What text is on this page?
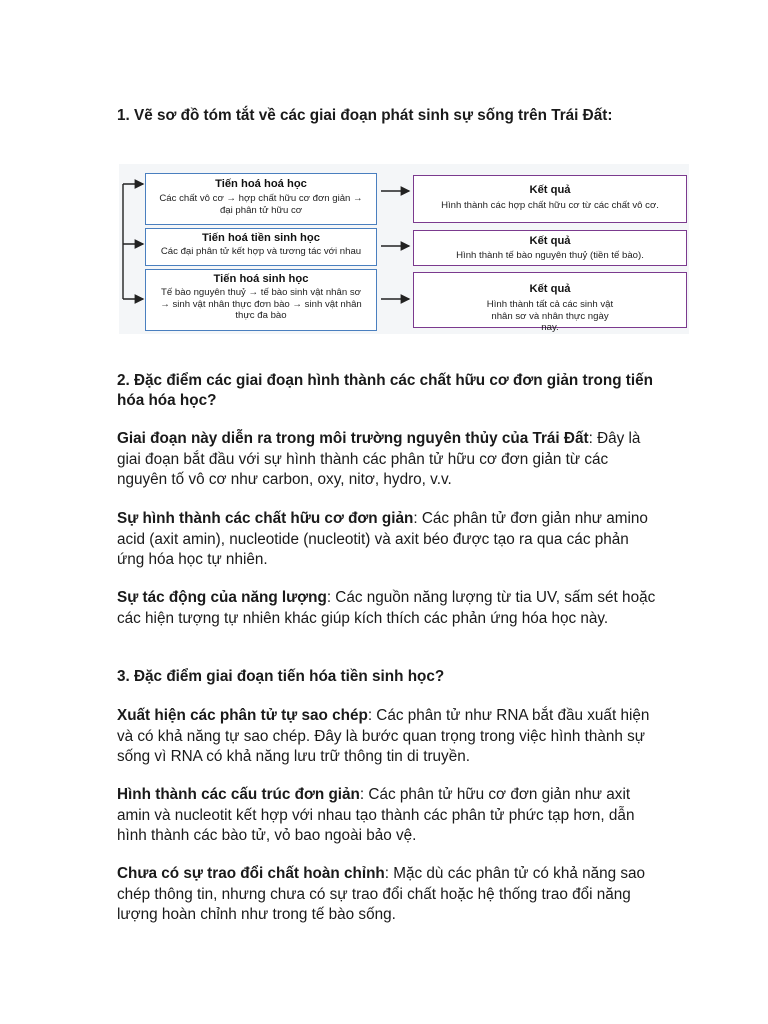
1. Vẽ sơ đồ tóm tắt về các giai đoạn phát sinh sự sống trên Trái Đất:

Tiến hoá hoá học
Các chất vô cơ → hợp chất hữu cơ đơn giản → đại phân tử hữu cơ
Tiến hoá tiền sinh học
Các đại phân tử kết hợp và tương tác với nhau
Tiến hoá sinh học
Tế bào nguyên thuỷ → tế bào sinh vật nhân sơ → sinh vật nhân thực đơn bào → sinh vật nhân thực đa bào
Kết quả
Hình thành các hợp chất hữu cơ từ các chất vô cơ.
Kết quả
Hình thành tế bào nguyên thuỷ (tiền tế bào).
Kết quả
Hình thành tất cả các sinh vật nhân sơ và nhân thực ngày nay.

2. Đặc điểm các giai đoạn hình thành các chất hữu cơ đơn giản trong tiến hóa hóa học?

Giai đoạn này diễn ra trong môi trường nguyên thủy của Trái Đất: Đây là giai đoạn bắt đầu với sự hình thành các phân tử hữu cơ đơn giản từ các nguyên tố vô cơ như carbon, oxy, nitơ, hydro, v.v.

Sự hình thành các chất hữu cơ đơn giản: Các phân tử đơn giản như amino acid (axit amin), nucleotide (nucleotit) và axit béo được tạo ra qua các phản ứng hóa học tự nhiên.

Sự tác động của năng lượng: Các nguồn năng lượng từ tia UV, sấm sét hoặc các hiện tượng tự nhiên khác giúp kích thích các phản ứng hóa học này.

3. Đặc điểm giai đoạn tiến hóa tiền sinh học?

Xuất hiện các phân tử tự sao chép: Các phân tử như RNA bắt đầu xuất hiện và có khả năng tự sao chép. Đây là bước quan trọng trong việc hình thành sự sống vì RNA có khả năng lưu trữ thông tin di truyền.

Hình thành các cấu trúc đơn giản: Các phân tử hữu cơ đơn giản như axit amin và nucleotit kết hợp với nhau tạo thành các phân tử phức tạp hơn, dẫn hình thành các bào tử, vỏ bao ngoài bảo vệ.

Chưa có sự trao đổi chất hoàn chỉnh: Mặc dù các phân tử có khả năng sao chép thông tin, nhưng chưa có sự trao đổi chất hoặc hệ thống trao đổi năng lượng hoàn chỉnh như trong tế bào sống.
